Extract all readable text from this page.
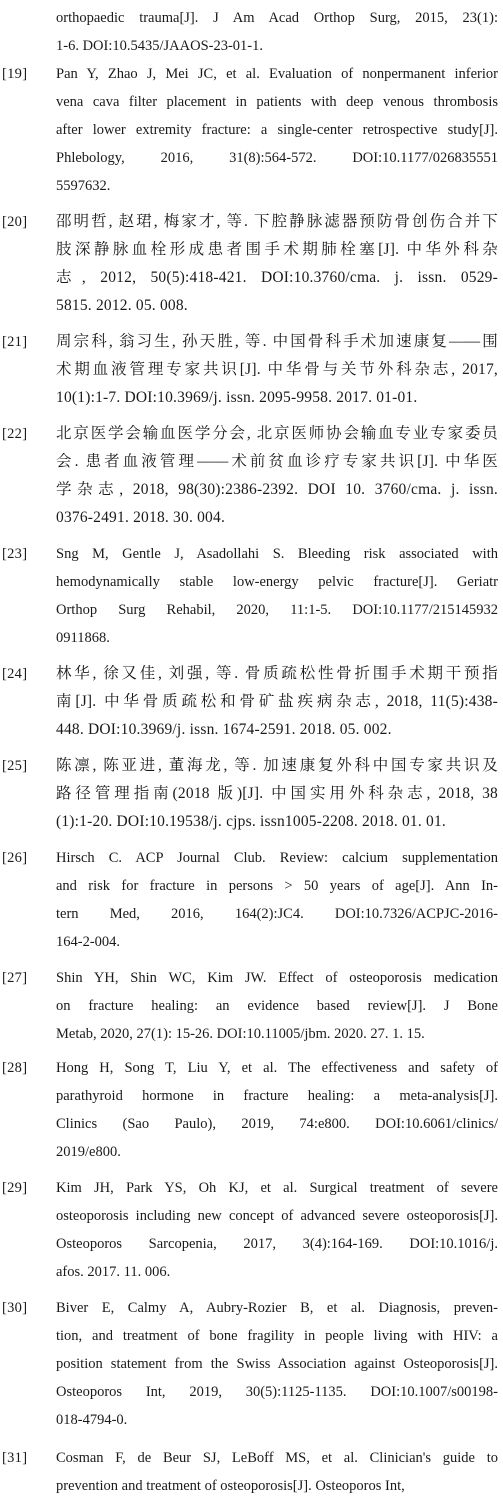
orthopaedic trauma[J]. J Am Acad Orthop Surg, 2015, 23(1):
1-6. DOI:10.5435/JAAOS-23-01-1.
[19]	Pan Y, Zhao J, Mei JC, et al. Evaluation of nonpermanent inferior
vena cava filter placement in patients with deep venous thrombosis
after lower extremity fracture: a single-center retrospective study[J].
Phlebology, 2016, 31(8):564-572. DOI:10.1177/026835551
5597632.
[20]	邵明哲, 赵珺, 梅家才, 等. 下腔静脉滤器预防骨创伤合并下
肢深静脉血栓形成患者围手术期肺栓塞[J]. 中华外科杂
志, 2012, 50(5):418-421. DOI:10.3760/cma. j. issn. 0529-
5815. 2012. 05. 008.
[21]	周宗科, 翁习生, 孙天胜, 等. 中国骨科手术加速康复——围
术期血液管理专家共识[J]. 中华骨与关节外科杂志, 2017,
10(1):1-7. DOI:10.3969/j. issn. 2095-9958. 2017. 01-01.
[22]	北京医学会输血医学分会, 北京医师协会输血专业专家委员
会. 患者血液管理——术前贫血诊疗专家共识[J]. 中华医
学杂志, 2018, 98(30):2386-2392. DOI 10. 3760/cma. j. issn.
0376-2491. 2018. 30. 004.
[23]	Sng M, Gentle J, Asadollahi S. Bleeding risk associated with
hemodynamically stable low-energy pelvic fracture[J]. Geriatr
Orthop Surg Rehabil, 2020, 11:1-5. DOI:10.1177/215145932
0911868.
[24]	林华, 徐又佳, 刘强, 等. 骨质疏松性骨折围手术期干预指
南[J]. 中华骨质疏松和骨矿盐疾病杂志, 2018, 11(5):438-
448. DOI:10.3969/j. issn. 1674-2591. 2018. 05. 002.
[25]	陈凛, 陈亚进, 董海龙, 等. 加速康复外科中国专家共识及
路径管理指南(2018 版)[J]. 中国实用外科杂志, 2018, 38
(1):1-20. DOI:10.19538/j. cjps. issn1005-2208. 2018. 01. 01.
[26]	Hirsch C. ACP Journal Club. Review: calcium supplementation
and risk for fracture in persons > 50 years of age[J]. Ann In-
tern Med, 2016, 164(2):JC4. DOI:10.7326/ACPJC-2016-
164-2-004.
[27]	Shin YH, Shin WC, Kim JW. Effect of osteoporosis medication
on fracture healing: an evidence based review[J]. J Bone
Metab, 2020, 27(1): 15-26. DOI:10.11005/jbm. 2020. 27. 1. 15.
[28]	Hong H, Song T, Liu Y, et al. The effectiveness and safety of
parathyroid hormone in fracture healing: a meta-analysis[J].
Clinics (Sao Paulo), 2019, 74:e800. DOI:10.6061/clinics/
2019/e800.
[29]	Kim JH, Park YS, Oh KJ, et al. Surgical treatment of severe
osteoporosis including new concept of advanced severe osteoporosis[J].
Osteoporos Sarcopenia, 2017, 3(4):164-169. DOI:10.1016/j.
afos. 2017. 11. 006.
[30]	Biver E, Calmy A, Aubry-Rozier B, et al. Diagnosis, preven-
tion, and treatment of bone fragility in people living with HIV: a
position statement from the Swiss Association against Osteoporosis[J].
Osteoporos Int, 2019, 30(5):1125-1135. DOI:10.1007/s00198-
018-4794-0.
[31]	Cosman F, de Beur SJ, LeBoff MS, et al. Clinician's guide to
prevention and treatment of osteoporosis[J]. Osteoporos Int,
